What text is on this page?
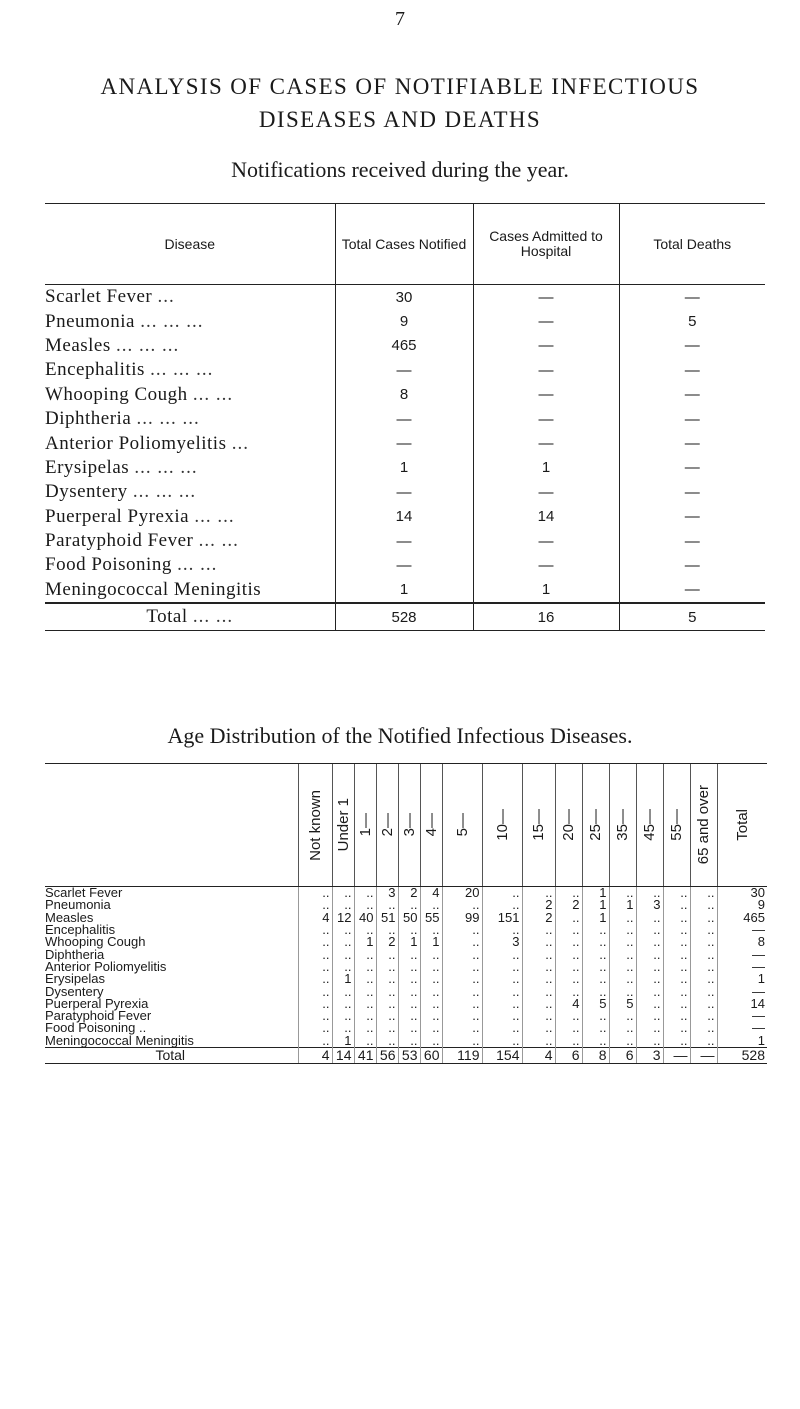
7
ANALYSIS OF CASES OF NOTIFIABLE INFECTIOUS
DISEASES AND DEATHS
Notifications received during the year.
Disease	Total Cases Notified	Cases Admitted to Hospital	Total Deaths
Scarlet Fever ...	30	—	—
Pneumonia ... ... ...	9	—	5
Measles ... ... ...	465	—	—
Encephalitis ... ... ...	—	—	—
Whooping Cough ... ...	8	—	—
Diphtheria ... ... ...	—	—	—
Anterior Poliomyelitis ...	—	—	—
Erysipelas ... ... ...	1	1	—
Dysentery ... ... ...	—	—	—
Puerperal Pyrexia ... ...	14	14	—
Paratyphoid Fever ... ...	—	—	—
Food Poisoning ... ...	—	—	—
Meningococcal Meningitis	1	1	—
Total ... ...	528	16	5
Age Distribution of the Notified Infectious Diseases.

	Not known	Under 1	1—	2—	3—	4—	5—	10—	15—	20—	25—	35—	45—	55—	65 and over	Total

Scarlet Fever	..	..	..	3	2	4	20	..	..	..	1	..	..	..	..	30
Pneumonia	..	..	..	..	..	..	..	..	2	2	1	1	3	..	..	9
Measles	4	12	40	51	50	55	99	151	2	..	1	..	..	..	..	465
Encephalitis	..	..	..	..	..	..	..	..	..	..	..	..	..	..	..	—
Whooping Cough	..	..	1	2	1	1	..	3	..	..	..	..	..	..	..	8
Diphtheria	..	..	..	..	..	..	..	..	..	..	..	..	..	..	..	—
Anterior Poliomyelitis	..	..	..	..	..	..	..	..	..	..	..	..	..	..	..	—
Erysipelas	..	1	..	..	..	..	..	..	..	..	..	..	..	..	..	1
Dysentery	..	..	..	..	..	..	..	..	..	..	..	..	..	..	..	—
Puerperal Pyrexia	..	..	..	..	..	..	..	..	..	4	5	5	..	..	..	14
Paratyphoid Fever	..	..	..	..	..	..	..	..	..	..	..	..	..	..	..	—
Food Poisoning ..	..	..	..	..	..	..	..	..	..	..	..	..	..	..	..	—
Meningococcal Meningitis	..	1	..	..	..	..	..	..	..	..	..	..	..	..	..	1
Total	4	14	41	56	53	60	119	154	4	6	8	6	3	—	—	528
